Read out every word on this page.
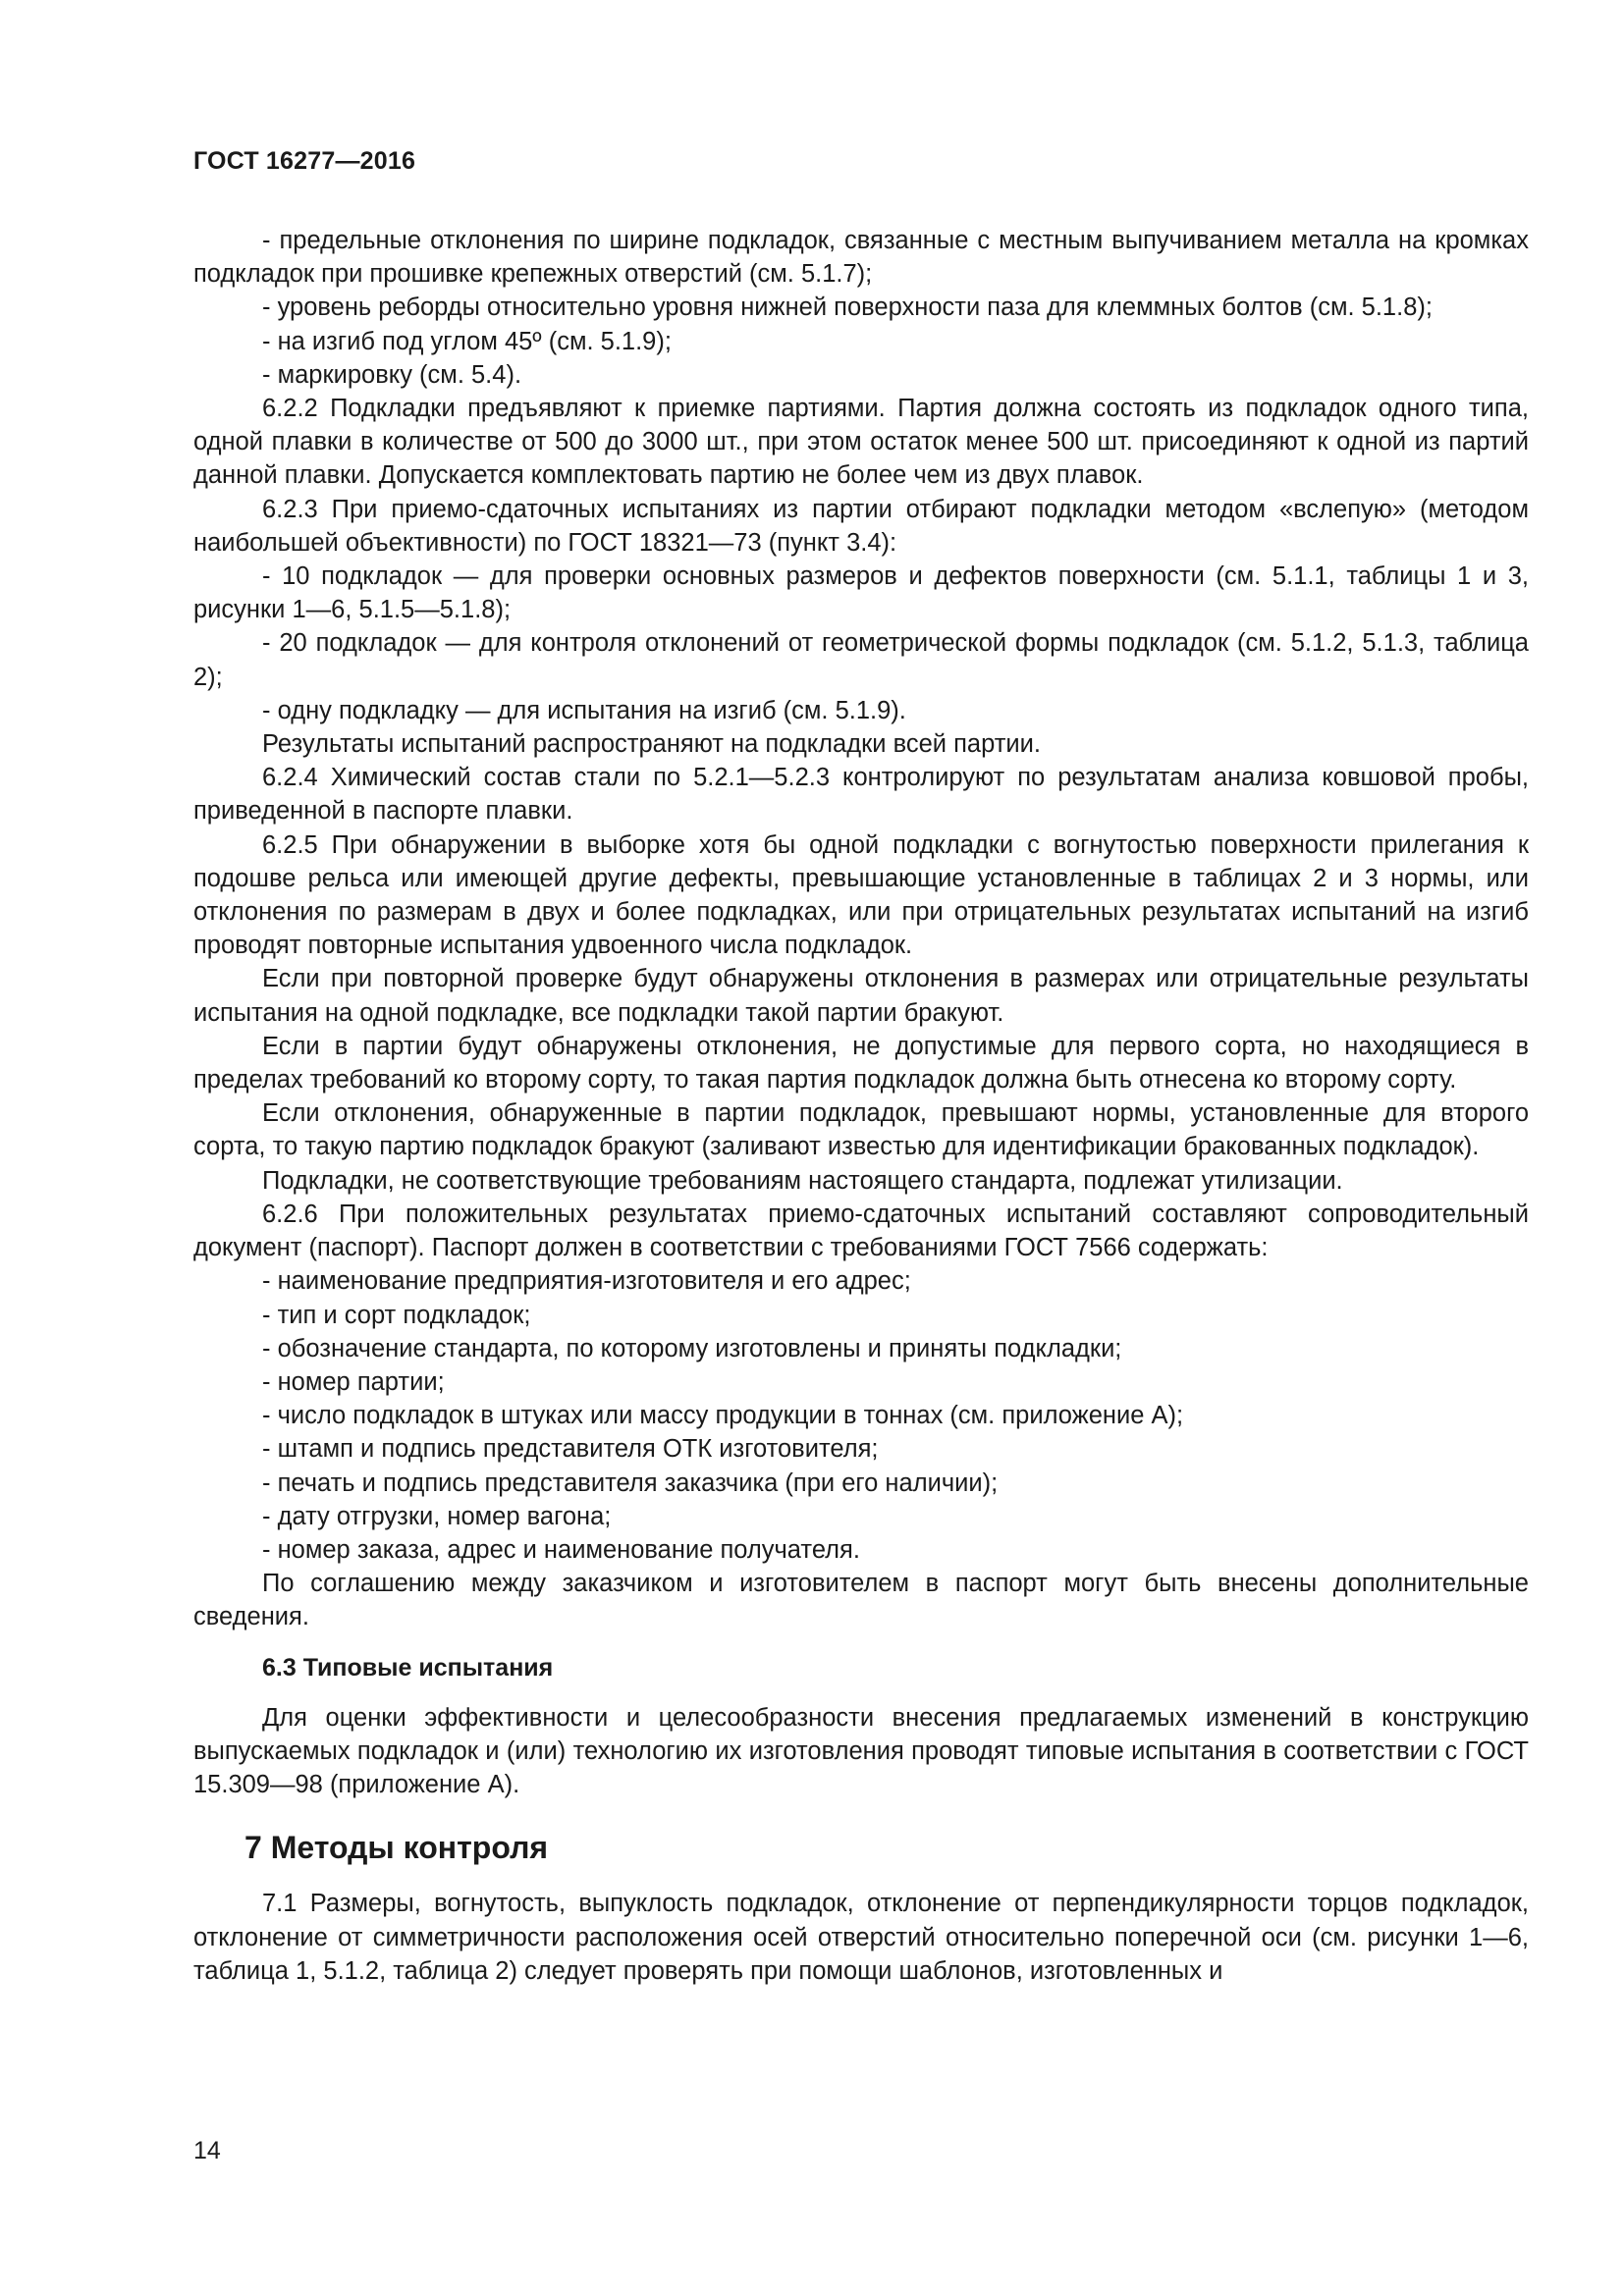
ГОСТ 16277—2016

- предельные отклонения по ширине подкладок, связанные с местным выпучиванием металла на кромках подкладок при прошивке крепежных отверстий (см. 5.1.7);

- уровень реборды относительно уровня нижней поверхности паза для клеммных болтов (см. 5.1.8);

- на изгиб под углом 45º (см. 5.1.9);

- маркировку (см. 5.4).

6.2.2 Подкладки предъявляют к приемке партиями. Партия должна состоять из подкладок одного типа, одной плавки в количестве от 500 до 3000 шт., при этом остаток менее 500 шт. присоединяют к одной из партий данной плавки. Допускается комплектовать партию не более чем из двух плавок.

6.2.3 При приемо-сдаточных испытаниях из партии отбирают подкладки методом «вслепую» (методом наибольшей объективности) по ГОСТ 18321—73 (пункт 3.4):

- 10 подкладок — для проверки основных размеров и дефектов поверхности (см. 5.1.1, таблицы 1 и 3, рисунки 1—6, 5.1.5—5.1.8);

- 20 подкладок — для контроля отклонений от геометрической формы подкладок (см. 5.1.2, 5.1.3, таблица 2);

- одну подкладку — для испытания на изгиб (см. 5.1.9).

Результаты испытаний распространяют на подкладки всей партии.

6.2.4 Химический состав стали по 5.2.1—5.2.3 контролируют по результатам анализа ковшовой пробы, приведенной в паспорте плавки.

6.2.5 При обнаружении в выборке хотя бы одной подкладки с вогнутостью поверхности прилегания к подошве рельса или имеющей другие дефекты, превышающие установленные в таблицах 2 и 3 нормы, или отклонения по размерам в двух и более подкладках, или при отрицательных результатах испытаний на изгиб проводят повторные испытания удвоенного числа подкладок.

Если при повторной проверке будут обнаружены отклонения в размерах или отрицательные результаты испытания на одной подкладке, все подкладки такой партии бракуют.

Если в партии будут обнаружены отклонения, не допустимые для первого сорта, но находящиеся в пределах требований ко второму сорту, то такая партия подкладок должна быть отнесена ко второму сорту.

Если отклонения, обнаруженные в партии подкладок, превышают нормы, установленные для второго сорта, то такую партию подкладок бракуют (заливают известью для идентификации бракованных подкладок).

Подкладки, не соответствующие требованиям настоящего стандарта, подлежат утилизации.

6.2.6 При положительных результатах приемо-сдаточных испытаний составляют сопроводительный документ (паспорт). Паспорт должен в соответствии с требованиями ГОСТ 7566 содержать:

- наименование предприятия-изготовителя и его адрес;

- тип и сорт подкладок;

- обозначение стандарта, по которому изготовлены и приняты подкладки;

- номер партии;

- число подкладок в штуках или массу продукции в тоннах (см. приложение А);

- штамп и подпись представителя ОТК изготовителя;

- печать и подпись представителя заказчика (при его наличии);

- дату отгрузки, номер вагона;

- номер заказа, адрес и наименование получателя.

По соглашению между заказчиком и изготовителем в паспорт могут быть внесены дополнительные сведения.

6.3 Типовые испытания

Для оценки эффективности и целесообразности внесения предлагаемых изменений в конструкцию выпускаемых подкладок и (или) технологию их изготовления проводят типовые испытания в соответствии с ГОСТ 15.309—98 (приложение А).

7 Методы контроля

7.1 Размеры, вогнутость, выпуклость подкладок, отклонение от перпендикулярности торцов подкладок, отклонение от симметричности расположения осей отверстий относительно поперечной оси (см. рисунки 1—6, таблица 1, 5.1.2, таблица 2) следует проверять при помощи шаблонов, изготовленных и

14
